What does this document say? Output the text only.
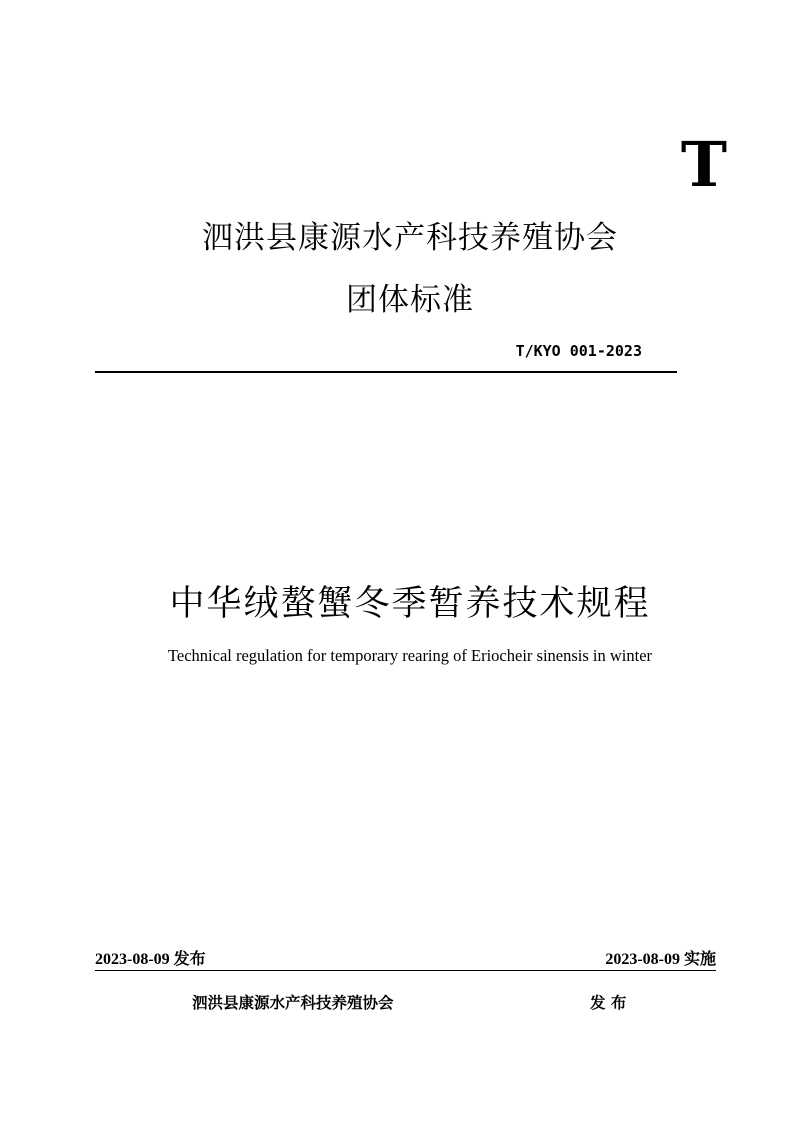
T
泗洪县康源水产科技养殖协会
团体标准
T/KYO 001-2023
中华绒螯蟹冬季暂养技术规程
Technical regulation for temporary rearing of Eriocheir sinensis in winter
2023-08-09 发布	2023-08-09 实施
泗洪县康源水产科技养殖协会	发 布
